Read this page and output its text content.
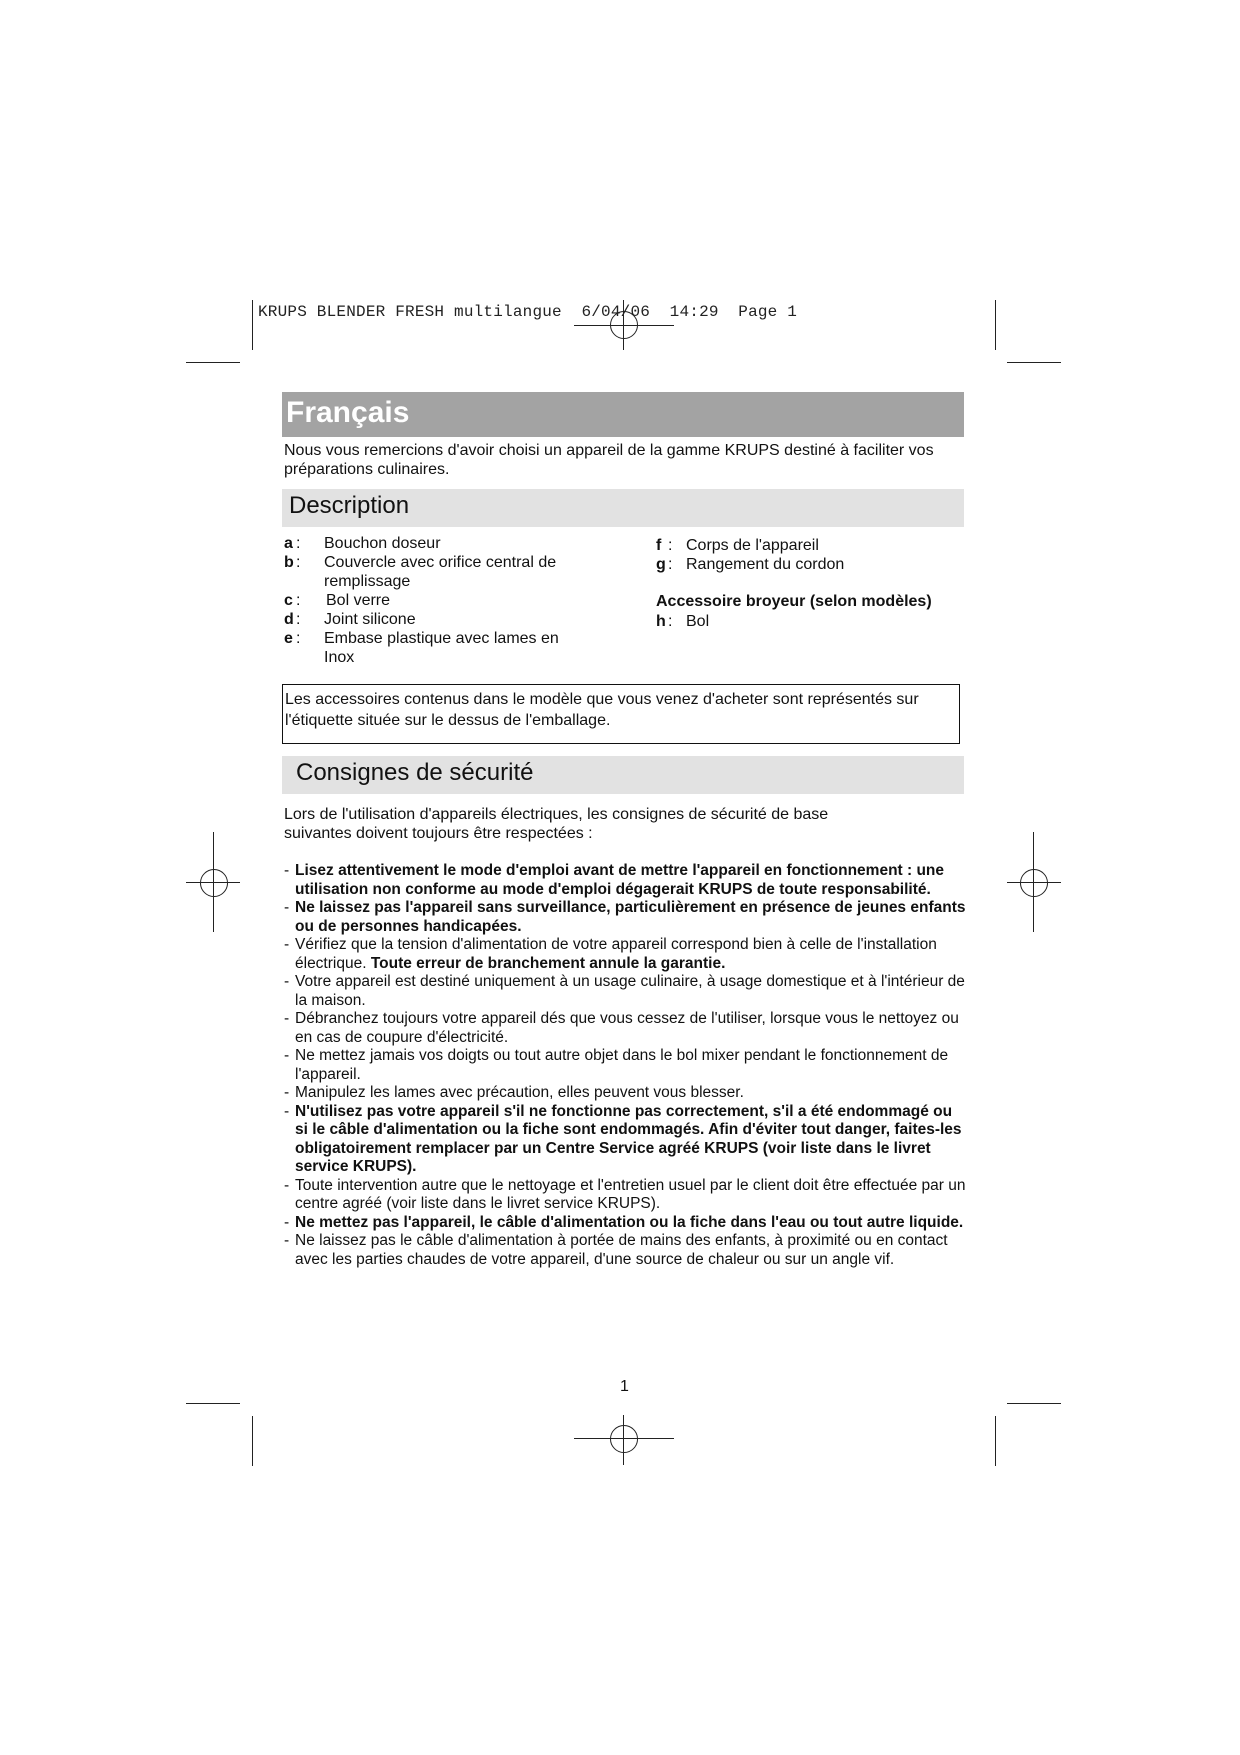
KRUPS BLENDER FRESH multilangue  6/04/06  14:29  Page 1
Français
Nous vous remercions d'avoir choisi un appareil de la gamme KRUPS destiné à faciliter vos préparations culinaires.
Description
a : Bouchon doseur
b : Couvercle avec orifice central de remplissage
c : Bol verre
d : Joint silicone
e : Embase plastique avec lames en Inox
f : Corps de l'appareil
g : Rangement du cordon
Accessoire broyeur (selon modèles)
h : Bol
Les accessoires contenus dans le modèle que vous venez d'acheter sont représentés sur l'étiquette située sur le dessus de l'emballage.
Consignes de sécurité
Lors de l'utilisation d'appareils électriques, les consignes de sécurité de base suivantes doivent toujours être respectées :
- Lisez attentivement le mode d'emploi avant de mettre l'appareil en fonctionnement : une utilisation non conforme au mode d'emploi dégagerait KRUPS de toute responsabilité.
- Ne laissez pas l'appareil sans surveillance, particulièrement en présence de jeunes enfants ou de personnes handicapées.
- Vérifiez que la tension d'alimentation de votre appareil correspond bien à celle de l'installation électrique. Toute erreur de branchement annule la garantie.
- Votre appareil est destiné uniquement à un usage culinaire, à usage domestique et à l'intérieur de la maison.
- Débranchez toujours votre appareil dés que vous cessez de l'utiliser, lorsque vous le nettoyez ou en cas de coupure d'électricité.
- Ne mettez jamais vos doigts ou tout autre objet dans le bol mixer pendant le fonctionnement de l'appareil.
- Manipulez les lames avec précaution, elles peuvent vous blesser.
- N'utilisez pas votre appareil s'il ne fonctionne pas correctement, s'il a été endommagé ou si le câble d'alimentation ou la fiche sont endommagés. Afin d'éviter tout danger, faites-les obligatoirement remplacer par un Centre Service agréé KRUPS (voir liste dans le livret service KRUPS).
- Toute intervention autre que le nettoyage et l'entretien usuel par le client doit être effectuée par un centre agréé (voir liste dans le livret service KRUPS).
- Ne mettez pas l'appareil, le câble d'alimentation ou la fiche dans l'eau ou tout autre liquide.
- Ne laissez pas le câble d'alimentation à portée de mains des enfants, à proximité ou en contact avec les parties chaudes de votre appareil, d'une source de chaleur ou sur un angle vif.
1
